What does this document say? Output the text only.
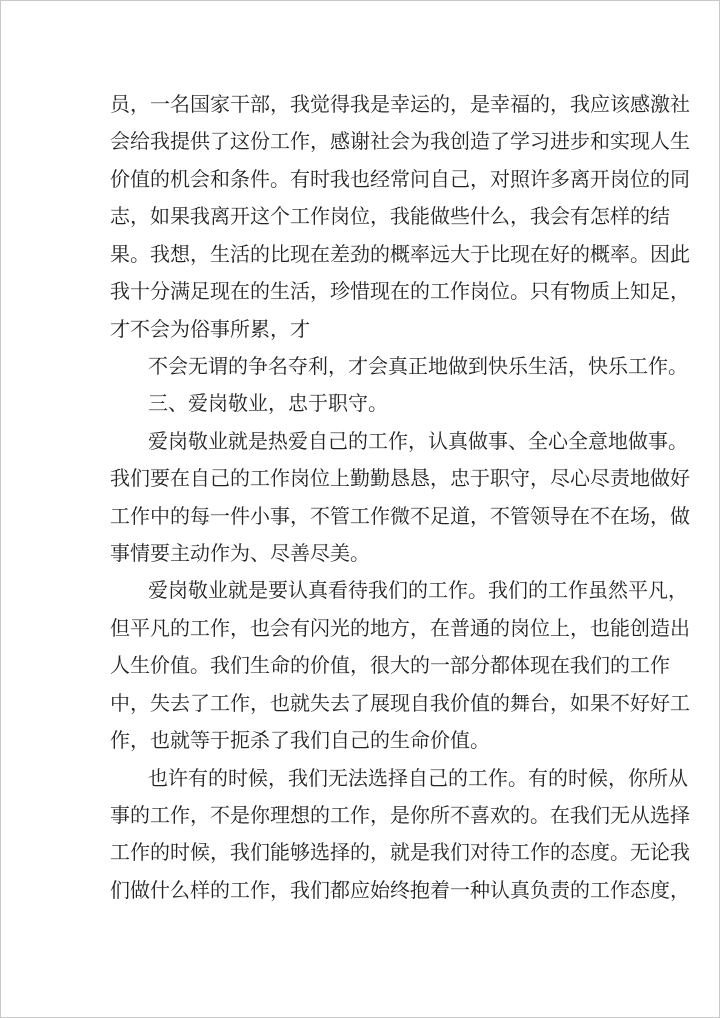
员，一名国家干部，我觉得我是幸运的，是幸福的，我应该感激社
会给我提供了这份工作，感谢社会为我创造了学习进步和实现人生
价值的机会和条件。有时我也经常问自己，对照许多离开岗位的同
志，如果我离开这个工作岗位，我能做些什么，我会有怎样的结
果。我想，生活的比现在差劲的概率远大于比现在好的概率。因此
我十分满足现在的生活，珍惜现在的工作岗位。只有物质上知足，
才不会为俗事所累，才
不会无谓的争名夺利，才会真正地做到快乐生活，快乐工作。
三、爱岗敬业，忠于职守。
爱岗敬业就是热爱自己的工作，认真做事、全心全意地做事。
我们要在自己的工作岗位上勤勤恳恳，忠于职守，尽心尽责地做好
工作中的每一件小事，不管工作微不足道，不管领导在不在场，做
事情要主动作为、尽善尽美。
爱岗敬业就是要认真看待我们的工作。我们的工作虽然平凡，
但平凡的工作，也会有闪光的地方，在普通的岗位上，也能创造出
人生价值。我们生命的价值，很大的一部分都体现在我们的工作
中，失去了工作，也就失去了展现自我价值的舞台，如果不好好工
作，也就等于扼杀了我们自己的生命价值。
也许有的时候，我们无法选择自己的工作。有的时候，你所从
事的工作，不是你理想的工作，是你所不喜欢的。在我们无从选择
工作的时候，我们能够选择的，就是我们对待工作的态度。无论我
们做什么样的工作，我们都应始终抱着一种认真负责的工作态度，
